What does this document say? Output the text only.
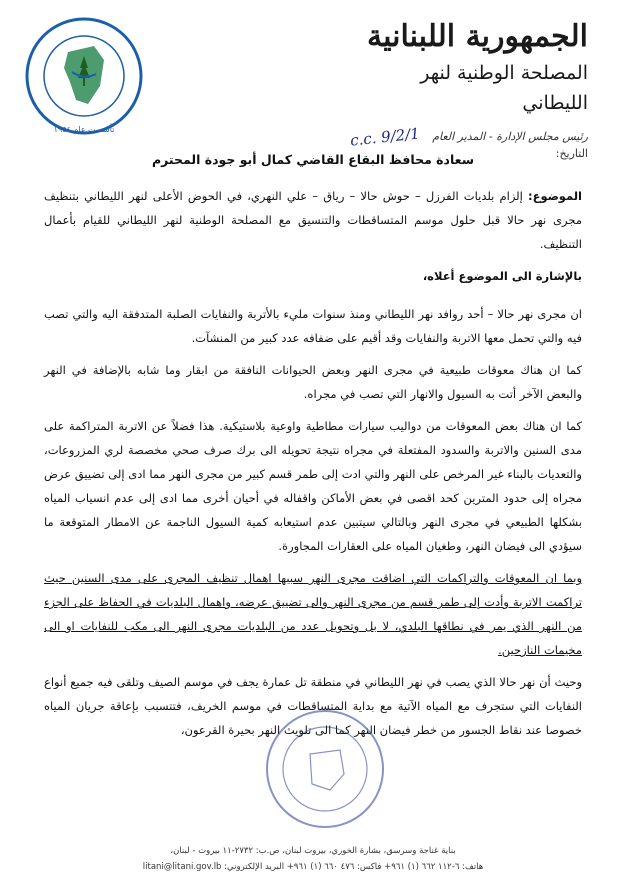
تأسست عام ١٩٥٤
الجمهورية اللبنانية
المصلحة الوطنية لنهر الليطاني
رئيس مجلس الإدارة - المدير العام
التاريخ:
c.c. 9/2/1
سعادة محافظ البقاع القاضي كمال أبو جودة المحترم

الموضوع: إلزام بلديات الفرزل – حوش حالا – رياق – علي النهري، في الحوض الأعلى لنهر الليطاني بتنظيف مجرى نهر حالا قبل حلول موسم المتساقطات والتنسيق مع المصلحة الوطنية لنهر الليطاني للقيام بأعمال التنظيف.

بالإشارة الى الموضوع أعلاه،

ان مجرى نهر حالا – أحد روافد نهر الليطاني ومنذ سنوات مليء بالأتربة والنفايات الصلبة المتدفقة اليه والتي تصب فيه والتي تحمل معها الاتربة والنفايات وقد أقيم على ضفافه عدد كبير من المنشآت.

كما ان هناك معوقات طبيعية في مجرى النهر وبعض الحيوانات النافقة من ابقار وما شابه بالإضافة في النهر والبعض الآخر أتت به السيول والانهار التي تصب في مجراه.

كما ان هناك بعض المعوقات من دواليب سيارات مطاطية واوعية بلاستيكية. هذا فضلاً عن الاتربة المتراكمة على مدى السنين والاتربة والسدود المفتعلة في مجراه نتيجة تحويله الى برك صرف صحي مخصصة لري المزروعات، والتعديات بالبناء غير المرخص على النهر والتي ادت إلى طمر قسم كبير من مجرى النهر مما ادى إلى تضييق عرض مجراه إلى حدود المترين كحد اقصى في بعض الأماكن واقفاله في أحيان أخرى مما ادى إلى عدم انسياب المياه بشكلها الطبيعي في مجرى النهر وبالتالي سيتبين عدم استيعابه كمية السيول الناجمة عن الامطار المتوقعة ما سيؤدي الى فيضان النهر، وطغيان المياه على العقارات المجاورة.

وبما ان المعوقات والتراكمات التي اضاقت مجرى النهر سببها اهمال تنظيف المجرى على مدى السنين حيث تراكمت الاتربة وأدت إلى طمر قسم من مجرى النهر والى تضييق عرضه، واهمال البلديات في الحفاظ على الجزء من النهر الذي يمر في نطاقها البلدي، لا بل وتحويل عدد من البلديات مجرى النهر الى مكب للنفايات او الى مخيمات النازحين.

وحيث أن نهر حالا الذي يصب في نهر الليطاني في منطقة تل عمارة يجف في موسم الصيف وتلقى فيه جميع أنواع النفايات التي ستجرف مع المياه الآتية مع بداية المتساقطات في موسم الخريف، فتتسبب بإعاقة جريان المياه خصوصا عند نقاط الجسور من خطر فيضان النهر كما الى تلويث النهر بحيرة القرعون،

بناية غناجة وسرسق، بشارة الخوري، بيروت لبنان، ص.ب: ٢٧٣٢-١١ بيروت - لبنان،
هاتف: ٦-١١٢ ٦٦٢ (١) ٩٦١+ فاكس: ٤٧٦ ٦٦٠ (١) ٩٦١+ البريد الإلكتروني: litani@litani.gov.lb
